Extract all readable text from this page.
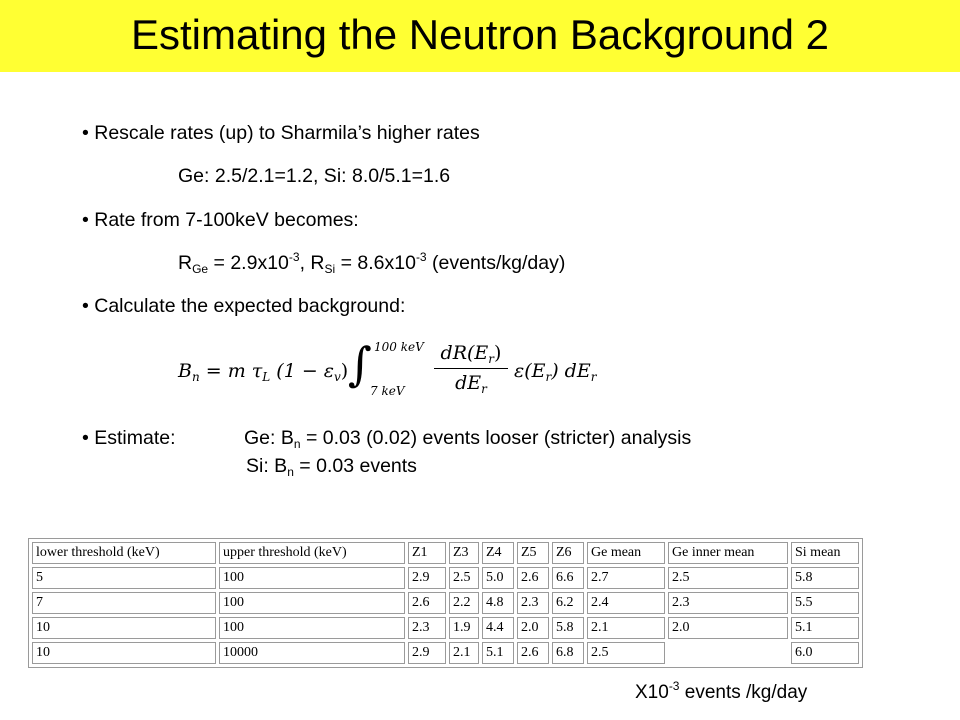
Estimating the Neutron Background 2
• Rescale rates (up) to Sharmila’s higher rates
Ge: 2.5/2.1=1.2, Si: 8.0/5.1=1.6
• Rate from 7-100keV becomes:
$R_{Ge} = 2.9x10^{-3}$, $R_{Si} = 8.6x10^{-3}$ (events/kg/day)
• Calculate the expected background:
$B_n = m$ $\tau_L$ $(1 - \varepsilon_v)$ ∫ 100 keV
7 keV
$dR(E_r)$
$dE_r$
$\varepsilon(E_r)$ $dE_r$
• Estimate:	Ge: $B_n = 0.03$ (0.02) events looser (stricter) analysis
Si: $B_n = 0.03$ events
lower threshold (keV)	upper threshold (keV)	Z1	Z3	Z4	Z5	Z6	Ge mean	Ge inner mean	Si mean
5	100	2.9	2.5	5.0	2.6	6.6	2.7	2.5	5.8
7	100	2.6	2.2	4.8	2.3	6.2	2.4	2.3	5.5
10	100	2.3	1.9	4.4	2.0	5.8	2.1	2.0	5.1
10	10000	2.9	2.1	5.1	2.6	6.8	2.5		6.0
$X10^{-3}$ events /kg/day
